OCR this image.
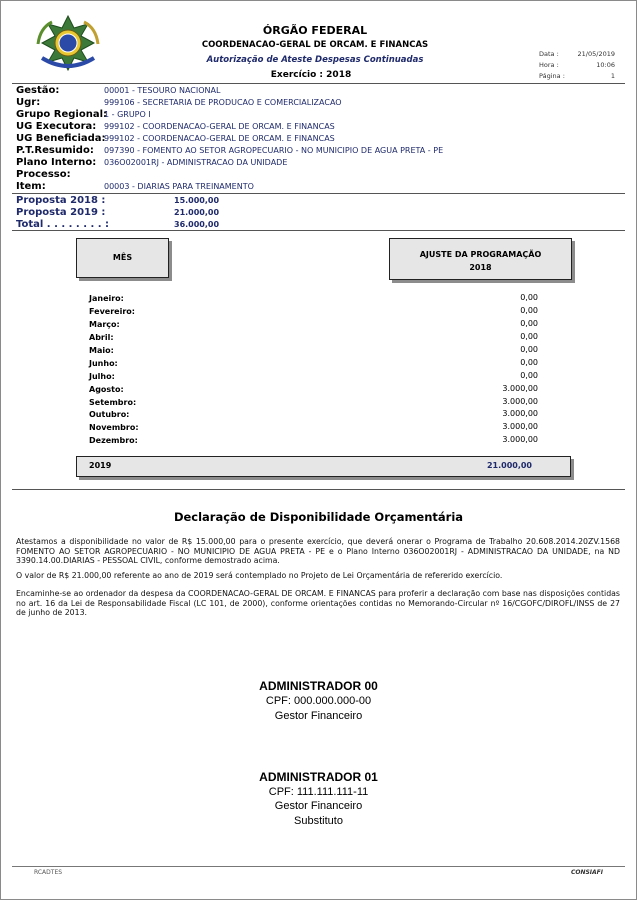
ÓRGÃO FEDERAL
COORDENACAO-GERAL DE ORCAM. E FINANCAS
Autorização de Ateste Despesas Continuadas
Exercício : 2018
Data :	21/05/2019
Hora :	10:06
Página :	1
Gestão:	00001 - TESOURO NACIONAL
Ugr:	999106 - SECRETARIA DE PRODUCAO E COMERCIALIZACAO
Grupo Regional:
1 - GRUPO I
UG Executora: 999102 - COORDENACAO-GERAL DE ORCAM. E FINANCAS
UG Beneficiada:
999102 - COORDENACAO-GERAL DE ORCAM. E FINANCAS
P.T.Resumido: 097390 - FOMENTO AO SETOR AGROPECUARIO - NO MUNICIPIO DE AGUA PRETA - PE
Plano Interno: 036O02001RJ - ADMINISTRACAO DA UNIDADE
Processo:
Item:	00003 - DIARIAS PARA TREINAMENTO
Proposta 2018 :	15.000,00
Proposta 2019 :	21.000,00
Total . . . . . . . . :	36.000,00
MÊS	AJUSTE DA PROGRAMAÇÃO
2018
Janeiro:	0,00
Fevereiro:	0,00
Março:	0,00
Abril:	0,00
Maio:	0,00
Junho:	0,00
Julho:	0,00
Agosto:	3.000,00
Setembro:	3.000,00
Outubro:	3.000,00
Novembro:	3.000,00
Dezembro:	3.000,00
2019	21.000,00
Declaração de Disponibilidade Orçamentária
Atestamos a disponibilidade no valor de R$ 15.000,00 para o presente exercício, que deverá onerar o Programa de Trabalho 20.608.2014.20ZV.1568 FOMENTO AO SETOR AGROPECUARIO - NO MUNICIPIO DE AGUA PRETA - PE e o Plano Interno 036O02001RJ - ADMINISTRACAO DA UNIDADE, na ND 3390.14.00.DIARIAS - PESSOAL CIVIL, conforme demostrado acima.
O valor de R$ 21.000,00 referente ao ano de 2019 será contemplado no Projeto de Lei Orçamentária de refererido exercício.
Encaminhe-se ao ordenador da despesa da COORDENACAO-GERAL DE ORCAM. E FINANCAS para proferir a declaração com base nas disposições contidas no art. 16 da Lei de Responsabilidade Fiscal (LC 101, de 2000), conforme orientações contidas no Memorando-Circular nº 16/CGOFC/DIROFL/INSS de 27 de junho de 2013.
ADMINISTRADOR 00
CPF: 000.000.000-00
Gestor Financeiro
ADMINISTRADOR 01
CPF: 111.111.111-11
Gestor Financeiro
Substituto
RCADTES	CONSIAFI
